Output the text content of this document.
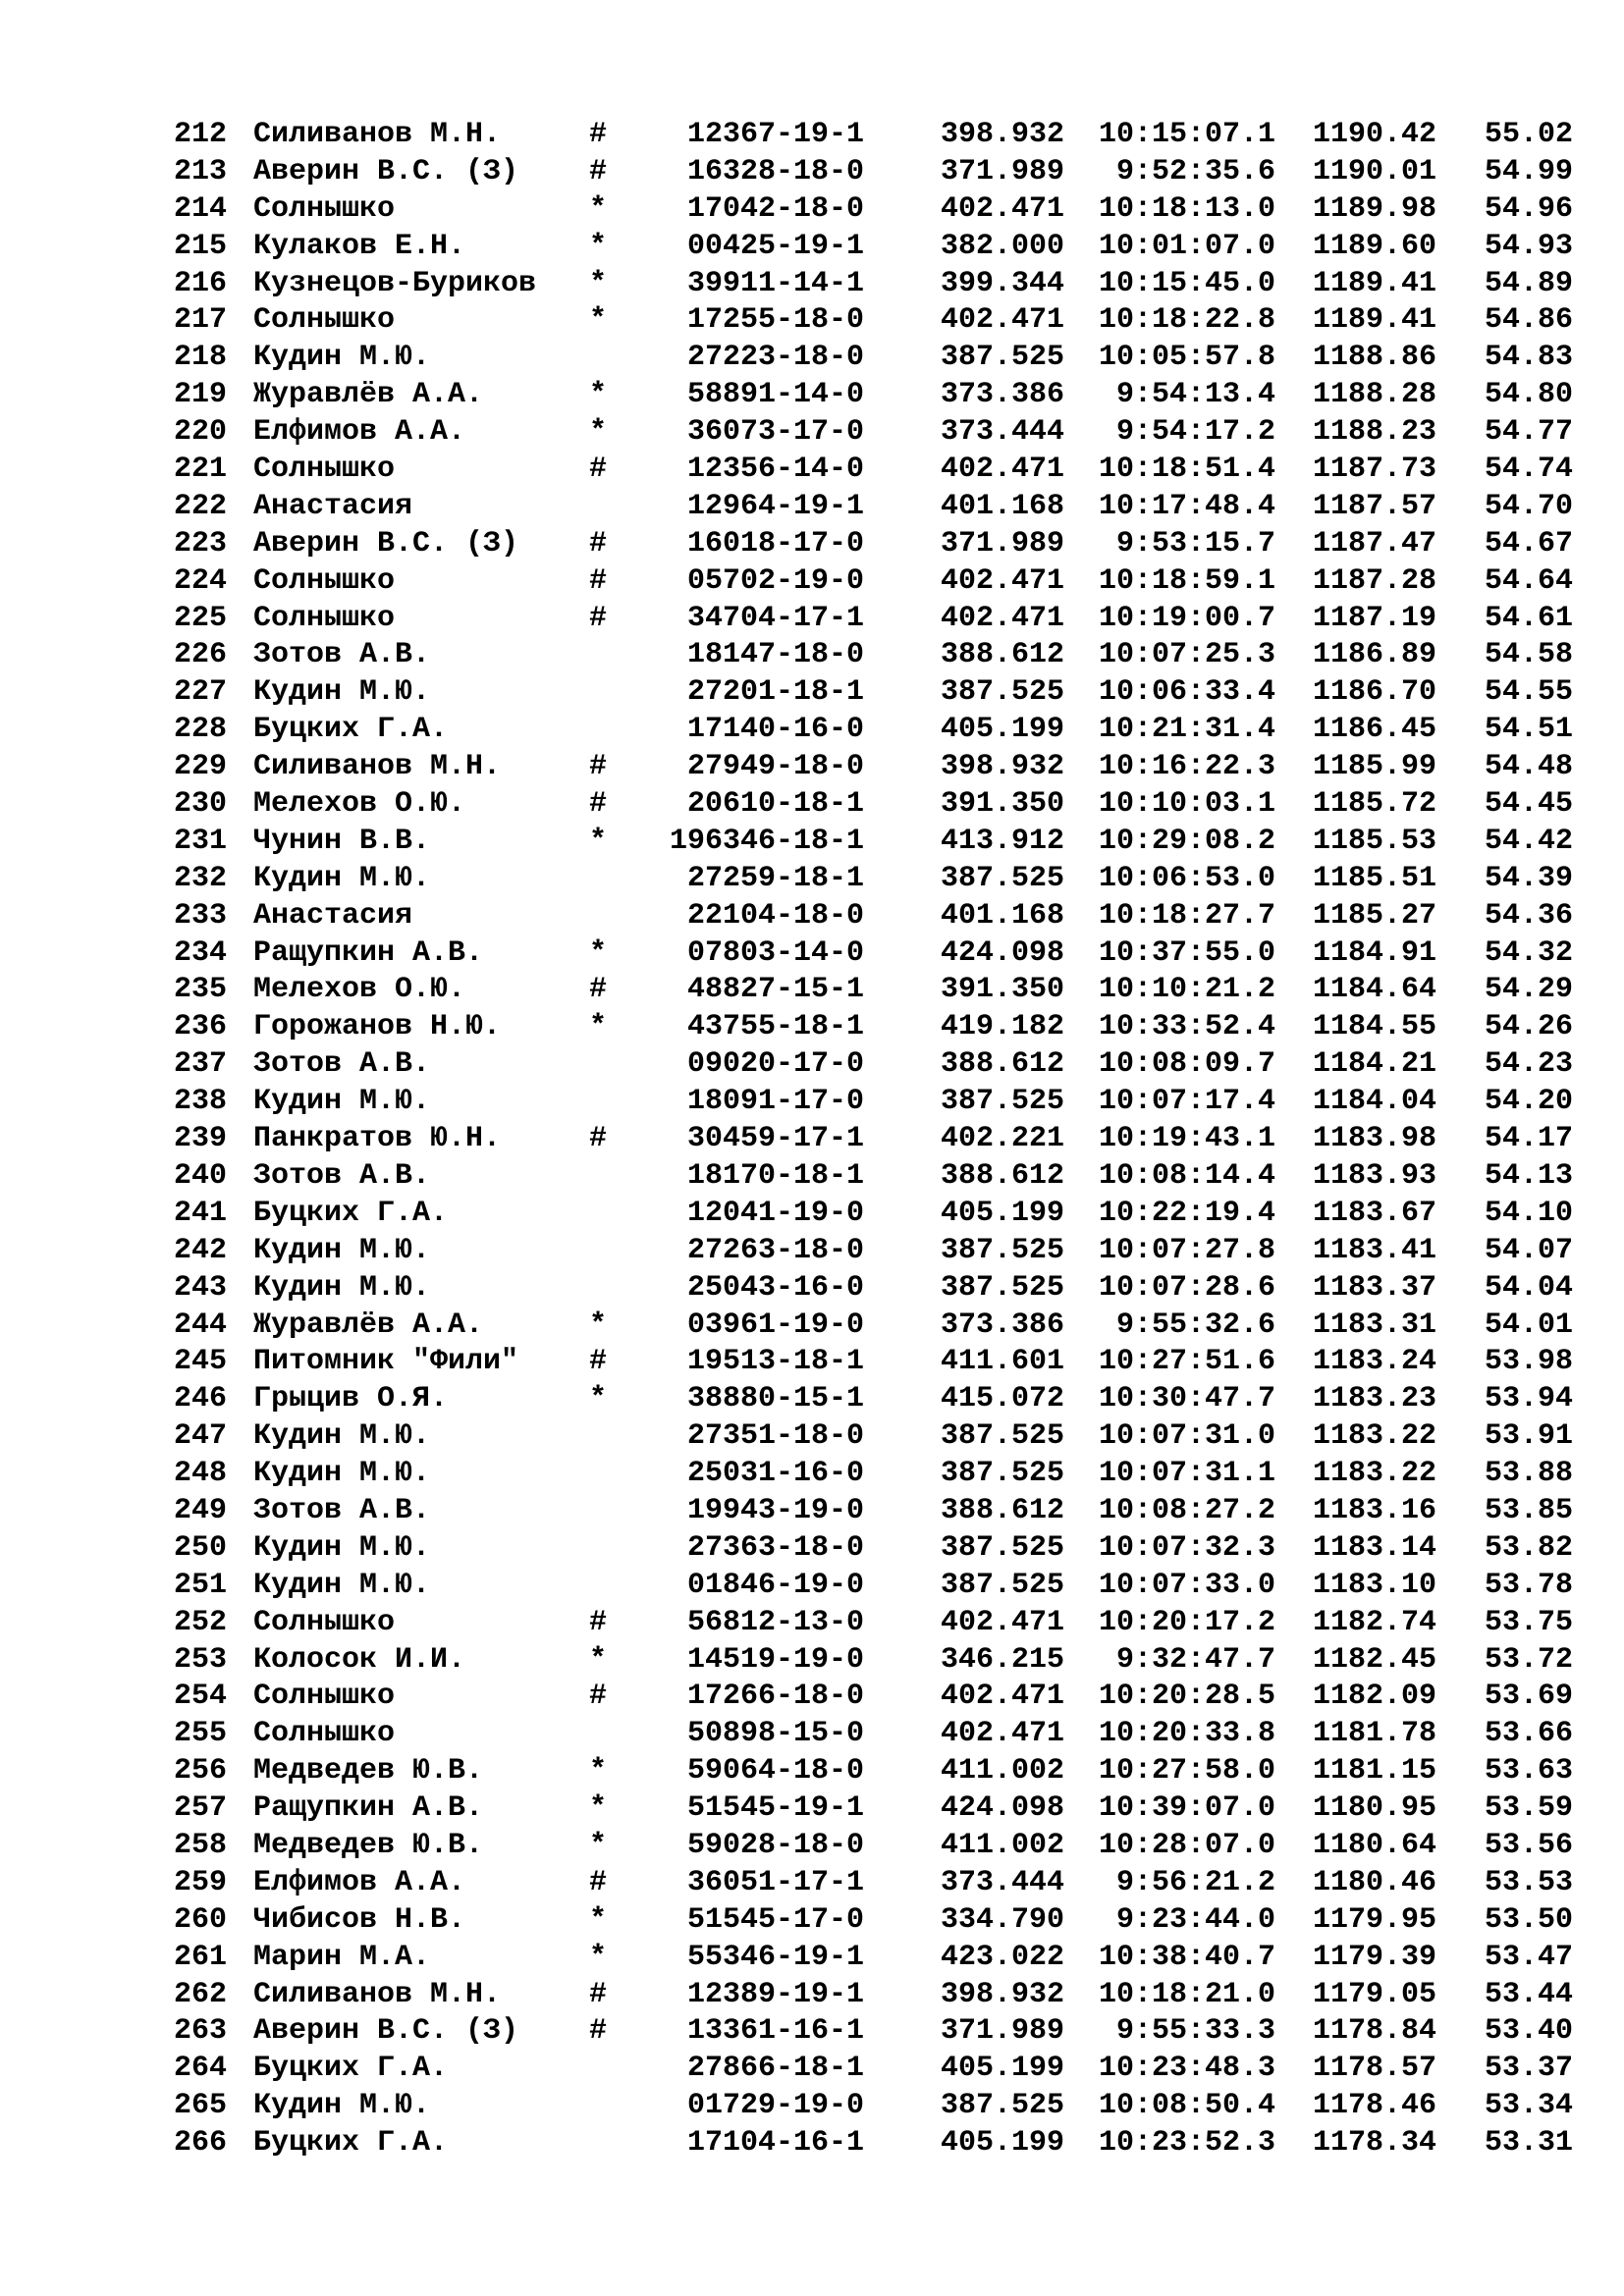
212 Силиванов М.Н.	#	12367-19-1	398.932 10:15:07.1 1190.42 55.02
213 Аверин В.С. (З)	#	16328-18-0	371.989 9:52:35.6 1190.01 54.99
214 Солнышко	*	17042-18-0	402.471 10:18:13.0 1189.98 54.96
215 Кулаков Е.Н.	*	00425-19-1	382.000 10:01:07.0 1189.60 54.93
216 Кузнецов-Буриков	*	39911-14-1	399.344 10:15:45.0 1189.41 54.89
217 Солнышко	*	17255-18-0	402.471 10:18:22.8 1189.41 54.86
218 Кудин М.Ю.	27223-18-0	387.525 10:05:57.8 1188.86 54.83
219 Журавлёв А.А.	*	58891-14-0	373.386 9:54:13.4 1188.28 54.80
220 Елфимов А.А.	*	36073-17-0	373.444 9:54:17.2 1188.23 54.77
221 Солнышко	#	12356-14-0	402.471 10:18:51.4 1187.73 54.74
222 Анастасия	12964-19-1	401.168 10:17:48.4 1187.57 54.70
223 Аверин В.С. (З)	#	16018-17-0	371.989 9:53:15.7 1187.47 54.67
224 Солнышко	#	05702-19-0	402.471 10:18:59.1 1187.28 54.64
225 Солнышко	#	34704-17-1	402.471 10:19:00.7 1187.19 54.61
226 Зотов А.В.	18147-18-0	388.612 10:07:25.3 1186.89 54.58
227 Кудин М.Ю.	27201-18-1	387.525 10:06:33.4 1186.70 54.55
228 Буцких Г.А.	17140-16-0	405.199 10:21:31.4 1186.45 54.51
229 Силиванов М.Н.	#	27949-18-0	398.932 10:16:22.3 1185.99 54.48
230 Мелехов О.Ю.	#	20610-18-1	391.350 10:10:03.1 1185.72 54.45
231 Чунин В.В.	* 196346-18-1	413.912 10:29:08.2 1185.53 54.42
232 Кудин М.Ю.	27259-18-1	387.525 10:06:53.0 1185.51 54.39
233 Анастасия	22104-18-0	401.168 10:18:27.7 1185.27 54.36
234 Ращупкин А.В.	*	07803-14-0	424.098 10:37:55.0 1184.91 54.32
235 Мелехов О.Ю.	#	48827-15-1	391.350 10:10:21.2 1184.64 54.29
236 Горожанов Н.Ю.	*	43755-18-1	419.182 10:33:52.4 1184.55 54.26
237 Зотов А.В.	09020-17-0	388.612 10:08:09.7 1184.21 54.23
238 Кудин М.Ю.	18091-17-0	387.525 10:07:17.4 1184.04 54.20
239 Панкратов Ю.Н.	#	30459-17-1	402.221 10:19:43.1 1183.98 54.17
240 Зотов А.В.	18170-18-1	388.612 10:08:14.4 1183.93 54.13
241 Буцких Г.А.	12041-19-0	405.199 10:22:19.4 1183.67 54.10
242 Кудин М.Ю.	27263-18-0	387.525 10:07:27.8 1183.41 54.07
243 Кудин М.Ю.	25043-16-0	387.525 10:07:28.6 1183.37 54.04
244 Журавлёв А.А.	*	03961-19-0	373.386 9:55:32.6 1183.31 54.01
245 Питомник "Фили"	#	19513-18-1	411.601 10:27:51.6 1183.24 53.98
246 Грыцив О.Я.	*	38880-15-1	415.072 10:30:47.7 1183.23 53.94
247 Кудин М.Ю.	27351-18-0	387.525 10:07:31.0 1183.22 53.91
248 Кудин М.Ю.	25031-16-0	387.525 10:07:31.1 1183.22 53.88
249 Зотов А.В.	19943-19-0	388.612 10:08:27.2 1183.16 53.85
250 Кудин М.Ю.	27363-18-0	387.525 10:07:32.3 1183.14 53.82
251 Кудин М.Ю.	01846-19-0	387.525 10:07:33.0 1183.10 53.78
252 Солнышко	#	56812-13-0	402.471 10:20:17.2 1182.74 53.75
253 Колосок И.И.	*	14519-19-0	346.215 9:32:47.7 1182.45 53.72
254 Солнышко	#	17266-18-0	402.471 10:20:28.5 1182.09 53.69
255 Солнышко	50898-15-0	402.471 10:20:33.8 1181.78 53.66
256 Медведев Ю.В.	*	59064-18-0	411.002 10:27:58.0 1181.15 53.63
257 Ращупкин А.В.	*	51545-19-1	424.098 10:39:07.0 1180.95 53.59
258 Медведев Ю.В.	*	59028-18-0	411.002 10:28:07.0 1180.64 53.56
259 Елфимов А.А.	#	36051-17-1	373.444 9:56:21.2 1180.46 53.53
260 Чибисов Н.В.	*	51545-17-0	334.790 9:23:44.0 1179.95 53.50
261 Марин М.А.	*	55346-19-1	423.022 10:38:40.7 1179.39 53.47
262 Силиванов М.Н.	#	12389-19-1	398.932 10:18:21.0 1179.05 53.44
263 Аверин В.С. (З)	#	13361-16-1	371.989 9:55:33.3 1178.84 53.40
264 Буцких Г.А.	27866-18-1	405.199 10:23:48.3 1178.57 53.37
265 Кудин М.Ю.	01729-19-0	387.525 10:08:50.4 1178.46 53.34
266 Буцких Г.А.	17104-16-1	405.199 10:23:52.3 1178.34 53.31
